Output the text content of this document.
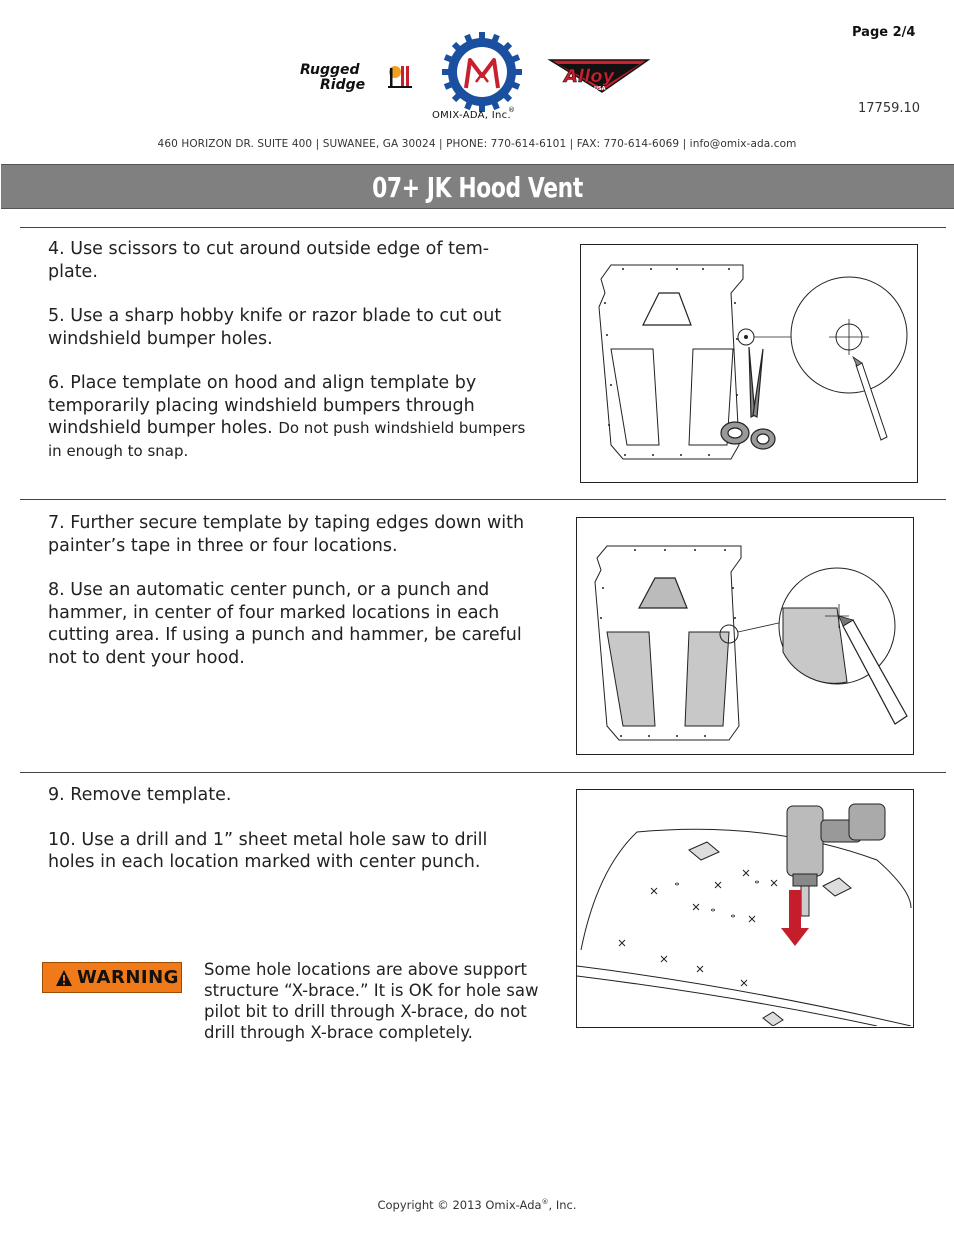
Page 2/4
17759.10
Rugged
Ridge
®
OMIX-ADA, Inc.
Alloy
USA
460 HORIZON DR. SUITE 400 | SUWANEE, GA 30024 | PHONE: 770-614-6101 | FAX: 770-614-6069 | info@omix-ada.com
07+ JK Hood Vent

4. Use scissors to cut around outside edge of tem-plate.

5. Use a sharp hobby knife or razor blade to cut out windshield bumper holes.

6. Place template on hood and align template by temporarily placing windshield bumpers through windshield bumper holes. Do not push windshield bumpers in enough to snap.

7. Further secure template by taping edges down with painter’s tape in three or four locations.

8. Use an automatic center punch, or a punch and hammer, in center of four marked locations in each cutting area. If using a punch and hammer, be careful not to dent your hood.

9. Remove template.

10. Use a drill and 1” sheet metal hole saw to drill holes in each location marked with center punch.

WARNING Some hole locations are above support structure “X-brace.” It is OK for hole saw pilot bit to drill through X-brace, do not drill through X-brace completely.
Copyright © 2013 Omix-Ada®, Inc.
